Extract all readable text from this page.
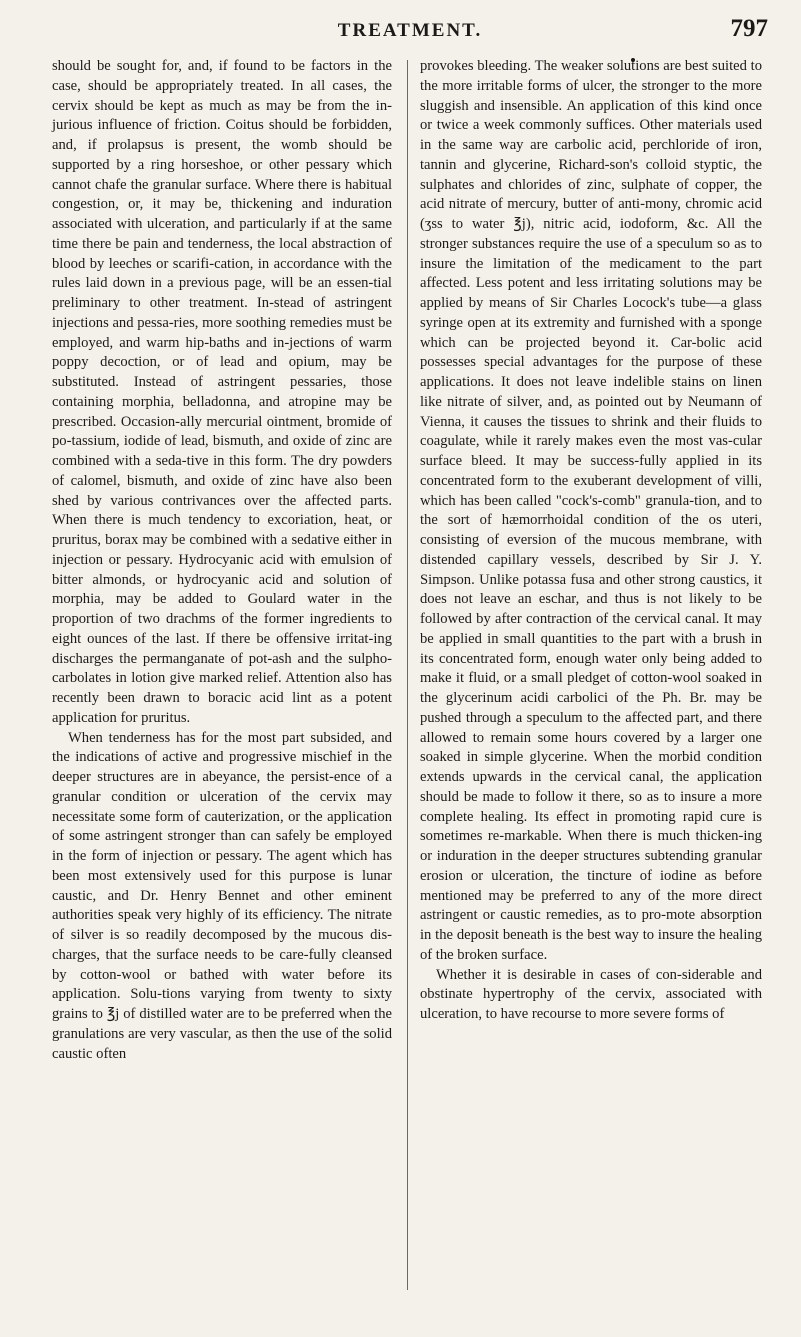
TREATMENT.	797

should be sought for, and, if found to be factors in the case, should be appropriately treated. In all cases, the cervix should be kept as much as may be from the in-jurious influence of friction. Coitus should be forbidden, and, if prolapsus is present, the womb should be supported by a ring horseshoe, or other pessary which cannot chafe the granular surface. Where there is habitual congestion, or, it may be, thickening and induration associated with ulceration, and particularly if at the same time there be pain and tenderness, the local abstraction of blood by leeches or scarifi-cation, in accordance with the rules laid down in a previous page, will be an essen-tial preliminary to other treatment. In-stead of astringent injections and pessa-ries, more soothing remedies must be employed, and warm hip-baths and in-jections of warm poppy decoction, or of lead and opium, may be substituted. Instead of astringent pessaries, those containing morphia, belladonna, and atropine may be prescribed. Occasion-ally mercurial ointment, bromide of po-tassium, iodide of lead, bismuth, and oxide of zinc are combined with a seda-tive in this form. The dry powders of calomel, bismuth, and oxide of zinc have also been shed by various contrivances over the affected parts. When there is much tendency to excoriation, heat, or pruritus, borax may be combined with a sedative either in injection or pessary. Hydrocyanic acid with emulsion of bitter almonds, or hydrocyanic acid and solution of morphia, may be added to Goulard water in the proportion of two drachms of the former ingredients to eight ounces of the last. If there be offensive irritat-ing discharges the permanganate of pot-ash and the sulpho-carbolates in lotion give marked relief. Attention also has recently been drawn to boracic acid lint as a potent application for pruritus.

When tenderness has for the most part subsided, and the indications of active and progressive mischief in the deeper structures are in abeyance, the persist-ence of a granular condition or ulceration of the cervix may necessitate some form of cauterization, or the application of some astringent stronger than can safely be employed in the form of injection or pessary. The agent which has been most extensively used for this purpose is lunar caustic, and Dr. Henry Bennet and other eminent authorities speak very highly of its efficiency. The nitrate of silver is so readily decomposed by the mucous dis-charges, that the surface needs to be care-fully cleansed by cotton-wool or bathed with water before its application. Solu-tions varying from twenty to sixty grains to ℥j of distilled water are to be preferred when the granulations are very vascular, as then the use of the solid caustic often

provokes bleeding. The weaker solutions are best suited to the more irritable forms of ulcer, the stronger to the more sluggish and insensible. An application of this kind once or twice a week commonly suffices. Other materials used in the same way are carbolic acid, perchloride of iron, tannin and glycerine, Richard-son's colloid styptic, the sulphates and chlorides of zinc, sulphate of copper, the acid nitrate of mercury, butter of anti-mony, chromic acid (ʒss to water ℥j), nitric acid, iodoform, &c. All the stronger substances require the use of a speculum so as to insure the limitation of the medicament to the part affected. Less potent and less irritating solutions may be applied by means of Sir Charles Locock's tube—a glass syringe open at its extremity and furnished with a sponge which can be projected beyond it. Car-bolic acid possesses special advantages for the purpose of these applications. It does not leave indelible stains on linen like nitrate of silver, and, as pointed out by Neumann of Vienna, it causes the tissues to shrink and their fluids to coagulate, while it rarely makes even the most vas-cular surface bleed. It may be success-fully applied in its concentrated form to the exuberant development of villi, which has been called "cock's-comb" granula-tion, and to the sort of hæmorrhoidal condition of the os uteri, consisting of eversion of the mucous membrane, with distended capillary vessels, described by Sir J. Y. Simpson. Unlike potassa fusa and other strong caustics, it does not leave an eschar, and thus is not likely to be followed by after contraction of the cervical canal. It may be applied in small quantities to the part with a brush in its concentrated form, enough water only being added to make it fluid, or a small pledget of cotton-wool soaked in the glycerinum acidi carbolici of the Ph. Br. may be pushed through a speculum to the affected part, and there allowed to remain some hours covered by a larger one soaked in simple glycerine. When the morbid condition extends upwards in the cervical canal, the application should be made to follow it there, so as to insure a more complete healing. Its effect in promoting rapid cure is sometimes re-markable. When there is much thicken-ing or induration in the deeper structures subtending granular erosion or ulceration, the tincture of iodine as before mentioned may be preferred to any of the more direct astringent or caustic remedies, as to pro-mote absorption in the deposit beneath is the best way to insure the healing of the broken surface.

Whether it is desirable in cases of con-siderable and obstinate hypertrophy of the cervix, associated with ulceration, to have recourse to more severe forms of
